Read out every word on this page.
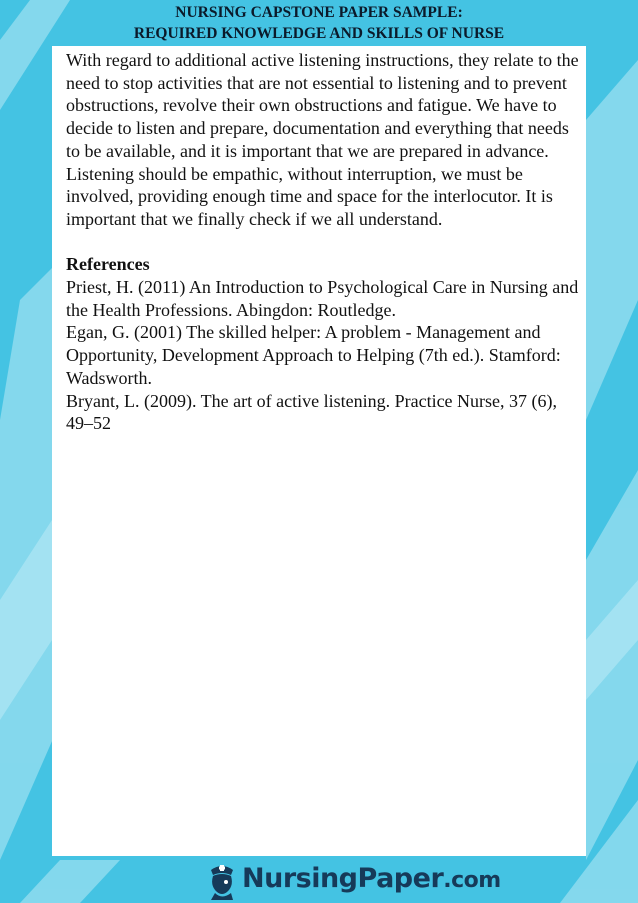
NURSING CAPSTONE PAPER SAMPLE:
REQUIRED KNOWLEDGE AND SKILLS OF NURSE

With regard to additional active listening instructions, they relate to the need to stop activities that are not essential to listening and to prevent obstructions, revolve their own obstructions and fatigue. We have to decide to listen and prepare, documentation and everything that needs to be available, and it is important that we are prepared in advance. Listening should be empathic, without interruption, we must be involved, providing enough time and space for the interlocutor. It is important that we finally check if we all understand.

References

Priest, H. (2011) An Introduction to Psychological Care in Nursing and the Health Professions. Abingdon: Routledge.

Egan, G. (2001) The skilled helper: A problem - Management and Opportunity, Development Approach to Helping (7th ed.). Stamford: Wadsworth.

Bryant, L. (2009). The art of active listening. Practice Nurse, 37 (6), 49–52

NursingPaper.com
